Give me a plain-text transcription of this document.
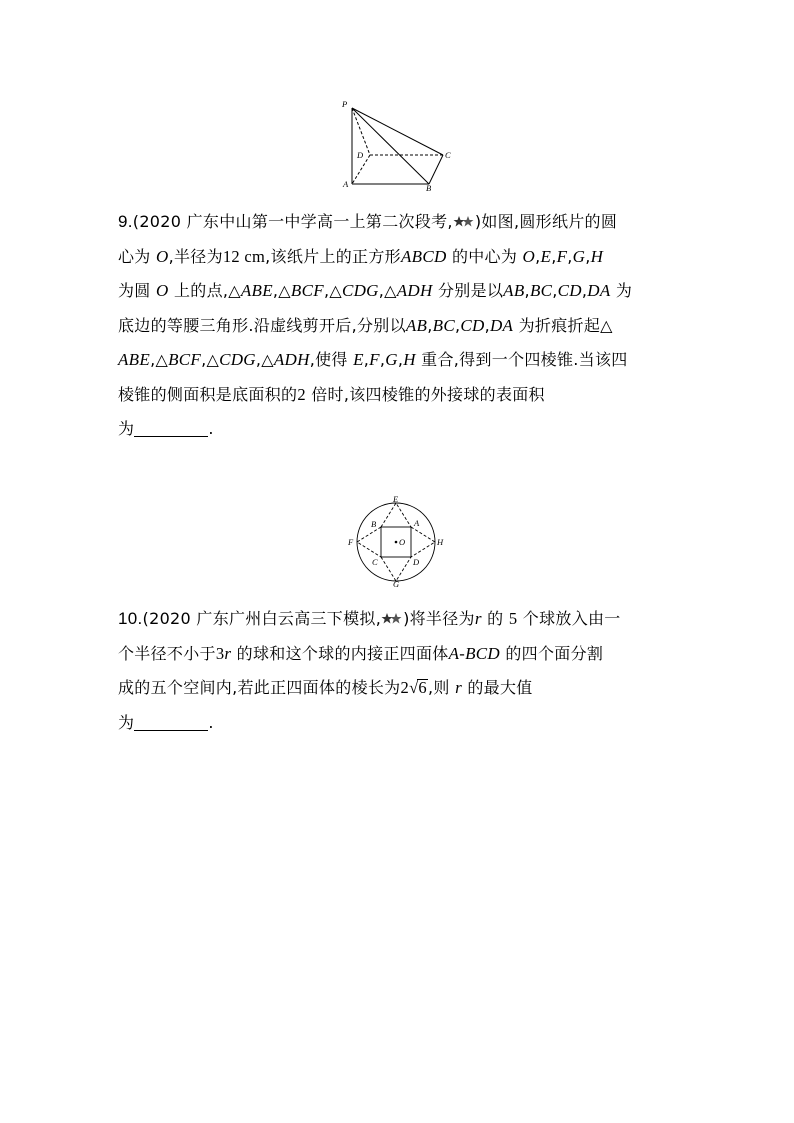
P
D	C
A	B
9.(2020 广东中山第一中学高一上第二次段考, )如图,圆形纸片的圆
心为 O,半径为12 cm,该纸片上的正方形ABCD 的中心为 O,E,F,G,H
为圆 O 上的点,△ABE,△BCF,△CDG,△ADH 分别是以AB,BC,CD,DA 为
底边的等腰三角形.沿虚线剪开后,分别以AB,BC,CD,DA 为折痕折起△
ABE,△BCF,△CDG,△ADH,使得 E,F,G,H 重合,得到一个四棱锥.当该四
棱锥的侧面积是底面积的2 倍时,该四棱锥的外接球的表面积
为	.
E
B	A
F	O	H
C	D
G
10.(2020 广东广州白云高三下模拟, )将半径为r 的 5 个球放入由一
个半径不小于3r 的球和这个球的内接正四面体A-BCD 的四个面分割
成的五个空间内,若此正四面体的棱长为2√6,则 r 的最大值
为	.
